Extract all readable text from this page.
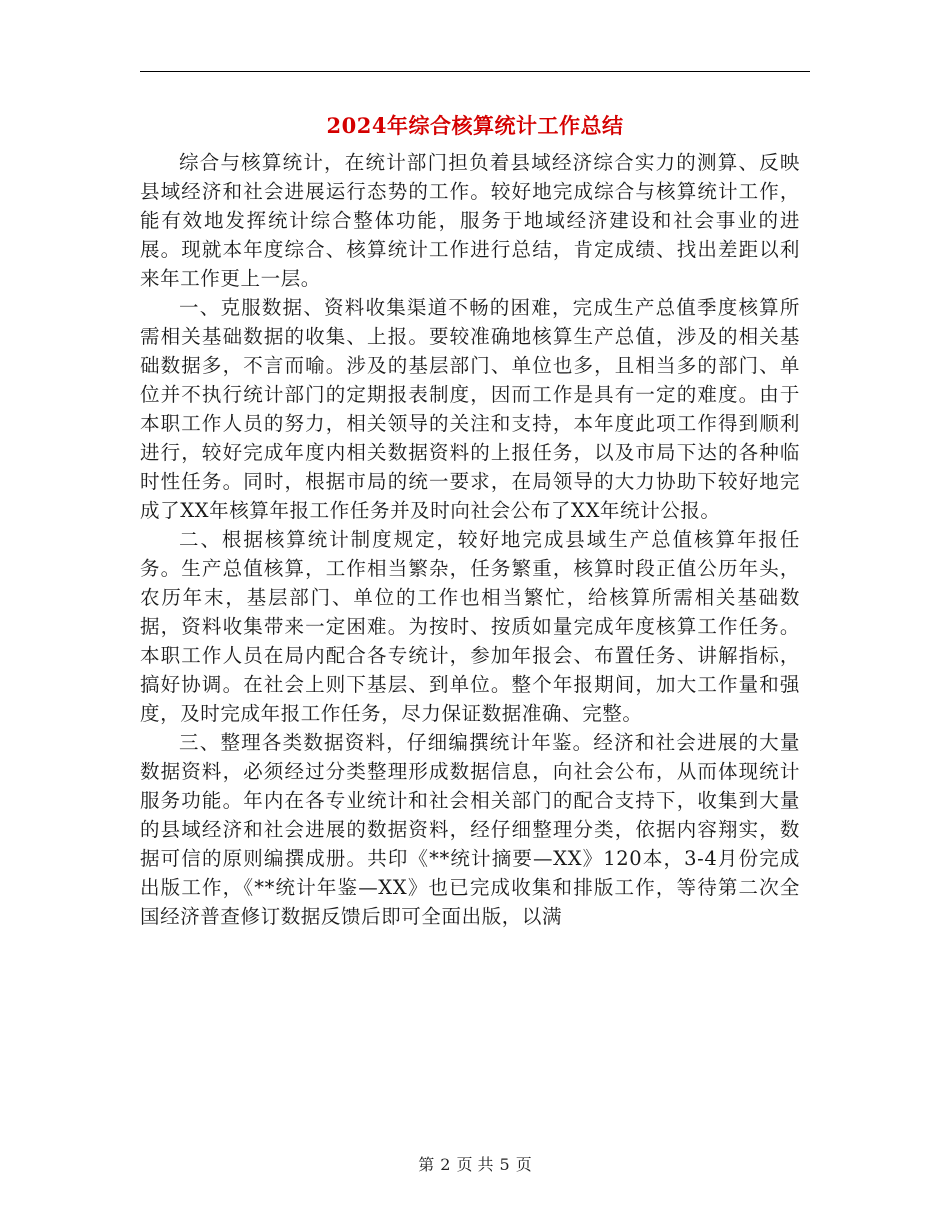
2024年综合核算统计工作总结

综合与核算统计，在统计部门担负着县域经济综合实力的测算、反映县域经济和社会进展运行态势的工作。较好地完成综合与核算统计工作，能有效地发挥统计综合整体功能，服务于地域经济建设和社会事业的进展。现就本年度综合、核算统计工作进行总结，肯定成绩、找出差距以利来年工作更上一层。

一、克服数据、资料收集渠道不畅的困难，完成生产总值季度核算所需相关基础数据的收集、上报。要较准确地核算生产总值，涉及的相关基础数据多，不言而喻。涉及的基层部门、单位也多，且相当多的部门、单位并不执行统计部门的定期报表制度，因而工作是具有一定的难度。由于本职工作人员的努力，相关领导的关注和支持，本年度此项工作得到顺利进行，较好完成年度内相关数据资料的上报任务，以及市局下达的各种临时性任务。同时，根据市局的统一要求，在局领导的大力协助下较好地完成了XX年核算年报工作任务并及时向社会公布了XX年统计公报。

二、根据核算统计制度规定，较好地完成县域生产总值核算年报任务。生产总值核算，工作相当繁杂，任务繁重，核算时段正值公历年头，农历年末，基层部门、单位的工作也相当繁忙，给核算所需相关基础数据，资料收集带来一定困难。为按时、按质如量完成年度核算工作任务。本职工作人员在局内配合各专统计，参加年报会、布置任务、讲解指标，搞好协调。在社会上则下基层、到单位。整个年报期间，加大工作量和强度，及时完成年报工作任务，尽力保证数据准确、完整。

三、整理各类数据资料，仔细编撰统计年鉴。经济和社会进展的大量数据资料，必须经过分类整理形成数据信息，向社会公布，从而体现统计服务功能。年内在各专业统计和社会相关部门的配合支持下，收集到大量的县域经济和社会进展的数据资料，经仔细整理分类，依据内容翔实，数据可信的原则编撰成册。共印《**统计摘要—XX》120本，3-4月份完成出版工作，《**统计年鉴—XX》也已完成收集和排版工作，等待第二次全国经济普查修订数据反馈后即可全面出版，以满

第 2 页 共 5 页
